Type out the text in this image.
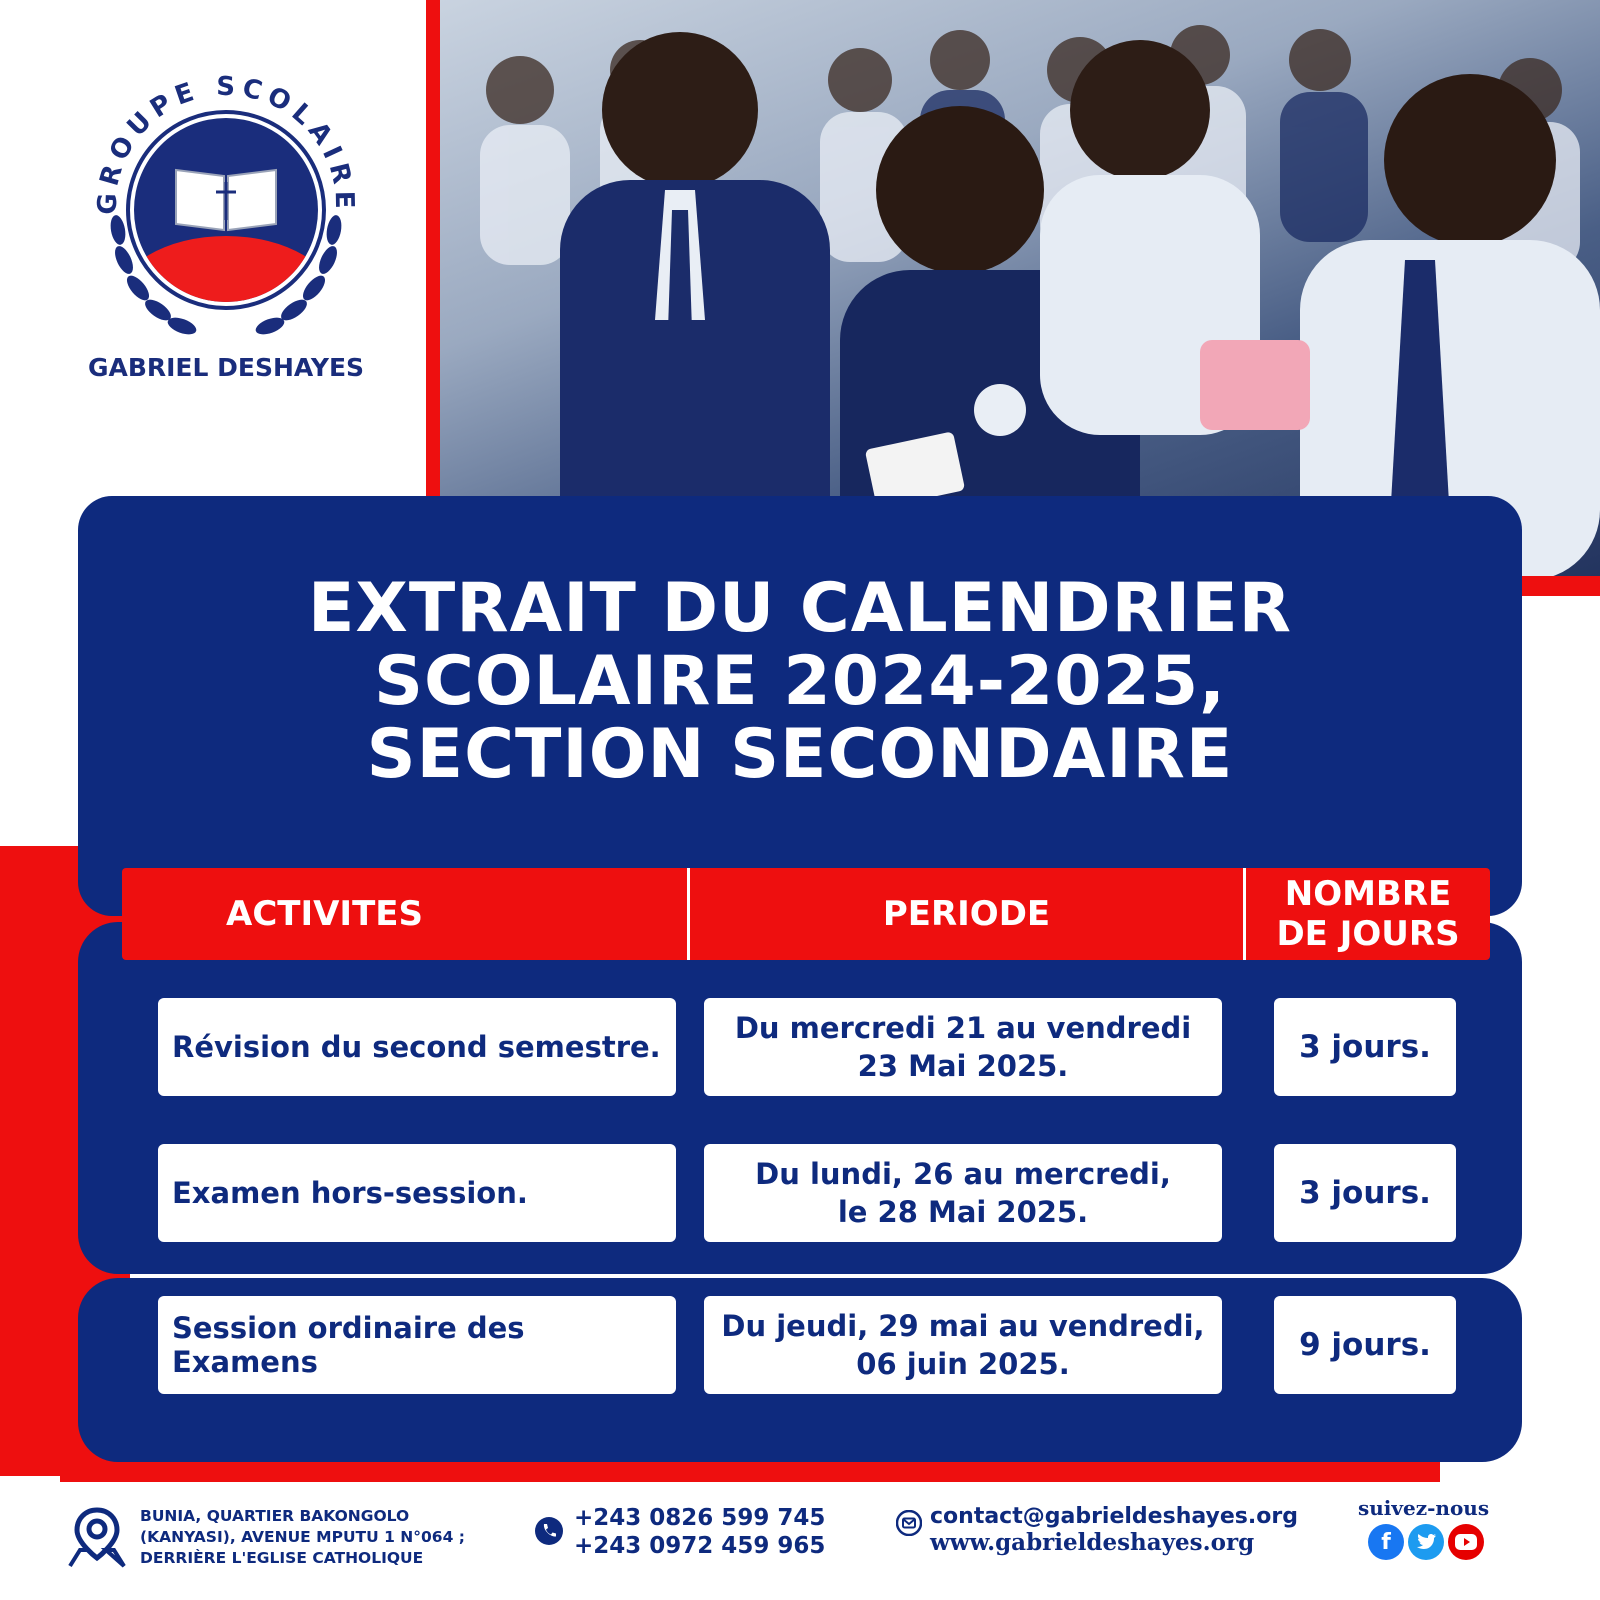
GROUPE SCOLAIRE
GABRIEL DESHAYES
EXTRAIT DU CALENDRIER
SCOLAIRE 2024-2025,
SECTION SECONDAIRE
ACTIVITES	PERIODE	NOMBRE
DE JOURS
Révision du second semestre.
Du mercredi 21 au vendredi
23 Mai 2025.
3 jours.
Examen hors-session.
Du lundi, 26 au mercredi,
le 28 Mai 2025.
3 jours.
Session ordinaire des Examens
Du jeudi, 29 mai au vendredi,
06 juin 2025.
9 jours.
BUNIA, QUARTIER BAKONGOLO
(KANYASI), AVENUE MPUTU 1 N°064 ;
DERRIÈRE L'EGLISE CATHOLIQUE
+243 0826 599 745
+243 0972 459 965
contact@gabrieldeshayes.org
www.gabrieldeshayes.org
suivez-nous
f
